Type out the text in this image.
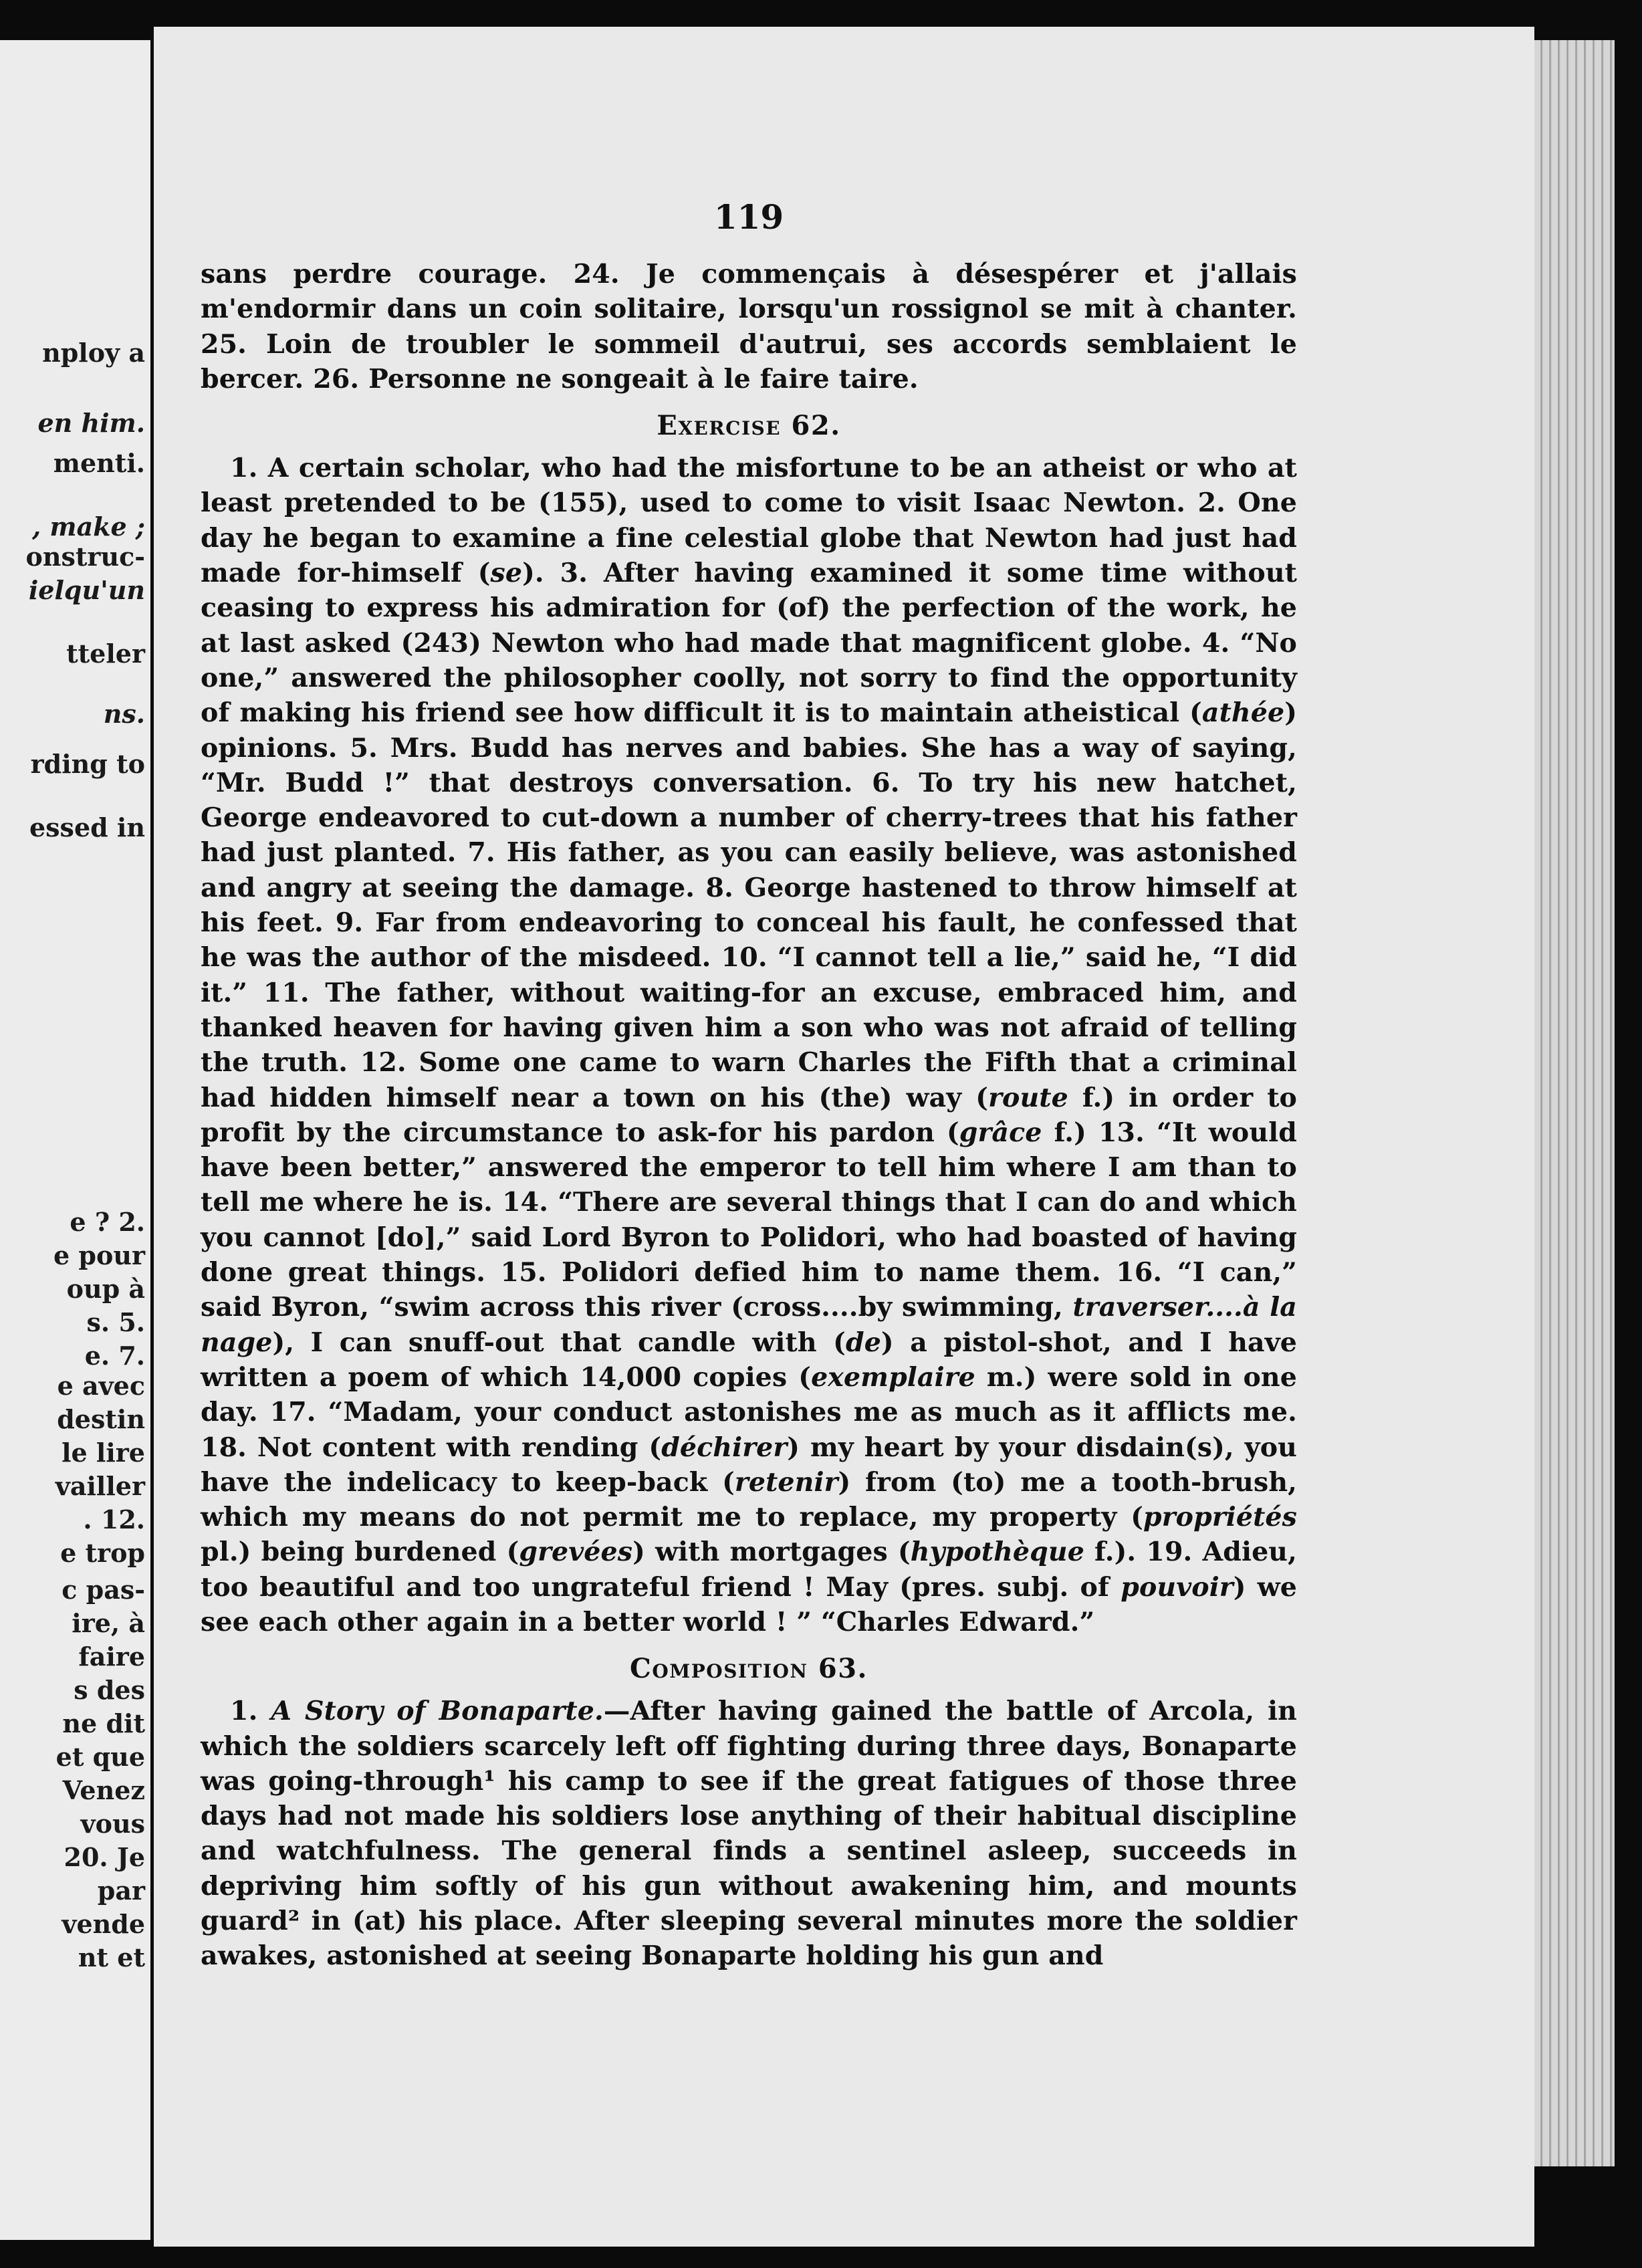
nploy a
en him.
menti.
, make ;
onstruc-
ielqu'un
tteler
ns.
rding to
essed in
e ? 2.
e pour
oup à
s. 5.
e. 7.
e avec
destin
le lire
vailler
. 12.
e trop
c pas-
ire, à
faire
s des
ne dit
et que
Venez
vous
20. Je
par
vende
nt et
119

sans perdre courage. 24. Je commençais à désespérer et j'allais m'endormir dans un coin solitaire, lorsqu'un rossignol se mit à chanter. 25. Loin de troubler le sommeil d'autrui, ses accords semblaient le bercer. 26. Personne ne songeait à le faire taire.

Exercise 62.

1. A certain scholar, who had the misfortune to be an atheist or who at least pretended to be (155), used to come to visit Isaac Newton. 2. One day he began to examine a fine celestial globe that Newton had just had made for-himself (se). 3. After having examined it some time without ceasing to express his admiration for (of) the perfection of the work, he at last asked (243) Newton who had made that magnificent globe. 4. “No one,” answered the philosopher coolly, not sorry to find the opportunity of making his friend see how difficult it is to maintain atheistical (athée) opinions. 5. Mrs. Budd has nerves and babies. She has a way of saying, “Mr. Budd !” that destroys conversation. 6. To try his new hatchet, George endeavored to cut-down a number of cherry-trees that his father had just planted. 7. His father, as you can easily believe, was astonished and angry at seeing the damage. 8. George hastened to throw himself at his feet. 9. Far from endeavoring to conceal his fault, he confessed that he was the author of the misdeed. 10. “I cannot tell a lie,” said he, “I did it.” 11. The father, without waiting-for an excuse, embraced him, and thanked heaven for having given him a son who was not afraid of telling the truth. 12. Some one came to warn Charles the Fifth that a criminal had hidden himself near a town on his (the) way (route f.) in order to profit by the circumstance to ask-for his pardon (grâce f.) 13. “It would have been better,” answered the emperor to tell him where I am than to tell me where he is. 14. “There are several things that I can do and which you cannot [do],” said Lord Byron to Polidori, who had boasted of having done great things. 15. Polidori defied him to name them. 16. “I can,” said Byron, “swim across this river (cross....by swimming, traverser....à la nage), I can snuff-out that candle with (de) a pistol-shot, and I have written a poem of which 14,000 copies (exemplaire m.) were sold in one day. 17. “Madam, your conduct astonishes me as much as it afflicts me. 18. Not content with rending (déchirer) my heart by your disdain(s), you have the indelicacy to keep-back (retenir) from (to) me a tooth-brush, which my means do not permit me to replace, my property (propriétés pl.) being burdened (grevées) with mortgages (hypothèque f.). 19. Adieu, too beautiful and too ungrateful friend ! May (pres. subj. of pouvoir) we see each other again in a better world ! ” “Charles Edward.”

Composition 63.

1. A Story of Bonaparte.—After having gained the battle of Arcola, in which the soldiers scarcely left off fighting during three days, Bonaparte was going-through¹ his camp to see if the great fatigues of those three days had not made his soldiers lose anything of their habitual discipline and watchfulness. The general finds a sentinel asleep, succeeds in depriving him softly of his gun without awakening him, and mounts guard² in (at) his place. After sleeping several minutes more the soldier awakes, astonished at seeing Bonaparte holding his gun and
